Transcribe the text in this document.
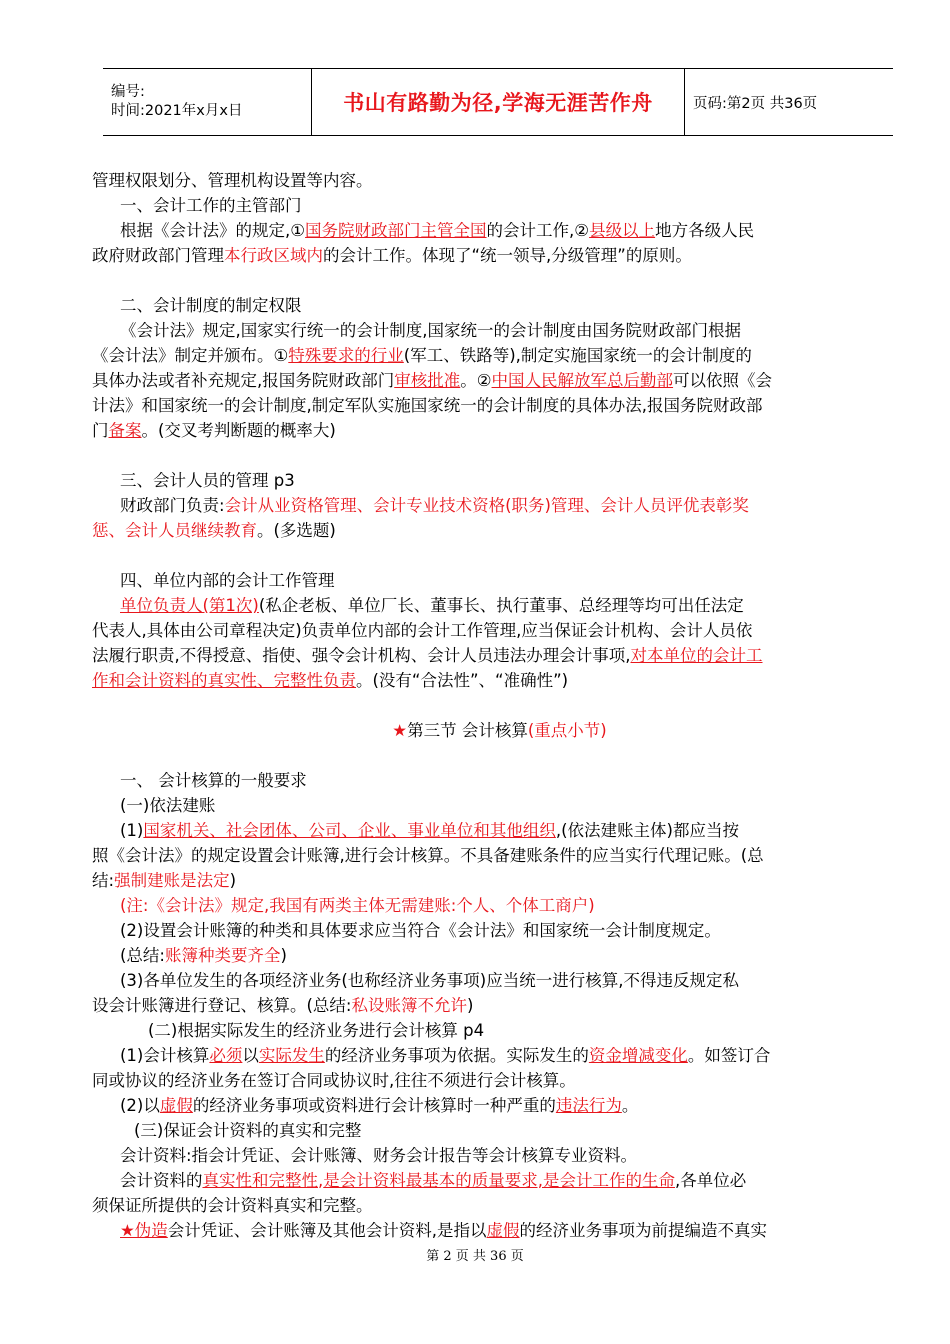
编号:
时间:2021年x月x日	书山有路勤为径,学海无涯苦作舟	页码:第2页 共36页

管理权限划分、管理机构设置等内容。

一、会计工作的主管部门

根据《会计法》的规定,①国务院财政部门主管全国的会计工作,②县级以上地方各级人民

政府财政部门管理本行政区域内的会计工作。体现了“统一领导,分级管理”的原则。

二、会计制度的制定权限

《会计法》规定,国家实行统一的会计制度,国家统一的会计制度由国务院财政部门根据

《会计法》制定并颁布。①特殊要求的行业(军工、铁路等),制定实施国家统一的会计制度的

具体办法或者补充规定,报国务院财政部门审核批准。②中国人民解放军总后勤部可以依照《会

计法》和国家统一的会计制度,制定军队实施国家统一的会计制度的具体办法,报国务院财政部

门备案。(交叉考判断题的概率大)

三、会计人员的管理 p3

财政部门负责:会计从业资格管理、会计专业技术资格(职务)管理、会计人员评优表彰奖

惩、会计人员继续教育。(多选题)

四、单位内部的会计工作管理

单位负责人(第1次)(私企老板、单位厂长、董事长、执行董事、总经理等均可出任法定

代表人,具体由公司章程决定)负责单位内部的会计工作管理,应当保证会计机构、会计人员依

法履行职责,不得授意、指使、强令会计机构、会计人员违法办理会计事项,对本单位的会计工

作和会计资料的真实性、完整性负责。(没有“合法性”、“准确性”)

★第三节 会计核算(重点小节)

一、 会计核算的一般要求

(一)依法建账

(1)国家机关、社会团体、公司、企业、事业单位和其他组织,(依法建账主体)都应当按

照《会计法》的规定设置会计账簿,进行会计核算。不具备建账条件的应当实行代理记账。(总

结:强制建账是法定)

(注:《会计法》规定,我国有两类主体无需建账:个人、个体工商户)

(2)设置会计账簿的种类和具体要求应当符合《会计法》和国家统一会计制度规定。

(总结:账簿种类要齐全)

(3)各单位发生的各项经济业务(也称经济业务事项)应当统一进行核算,不得违反规定私

设会计账簿进行登记、核算。(总结:私设账簿不允许)

(二)根据实际发生的经济业务进行会计核算 p4

(1)会计核算必须以实际发生的经济业务事项为依据。实际发生的资金增减变化。如签订合

同或协议的经济业务在签订合同或协议时,往往不须进行会计核算。

(2)以虚假的经济业务事项或资料进行会计核算时一种严重的违法行为。

(三)保证会计资料的真实和完整

会计资料:指会计凭证、会计账簿、财务会计报告等会计核算专业资料。

会计资料的真实性和完整性,是会计资料最基本的质量要求,是会计工作的生命,各单位必

须保证所提供的会计资料真实和完整。

★伪造会计凭证、会计账簿及其他会计资料,是指以虚假的经济业务事项为前提编造不真实

第 2 页 共 36 页
